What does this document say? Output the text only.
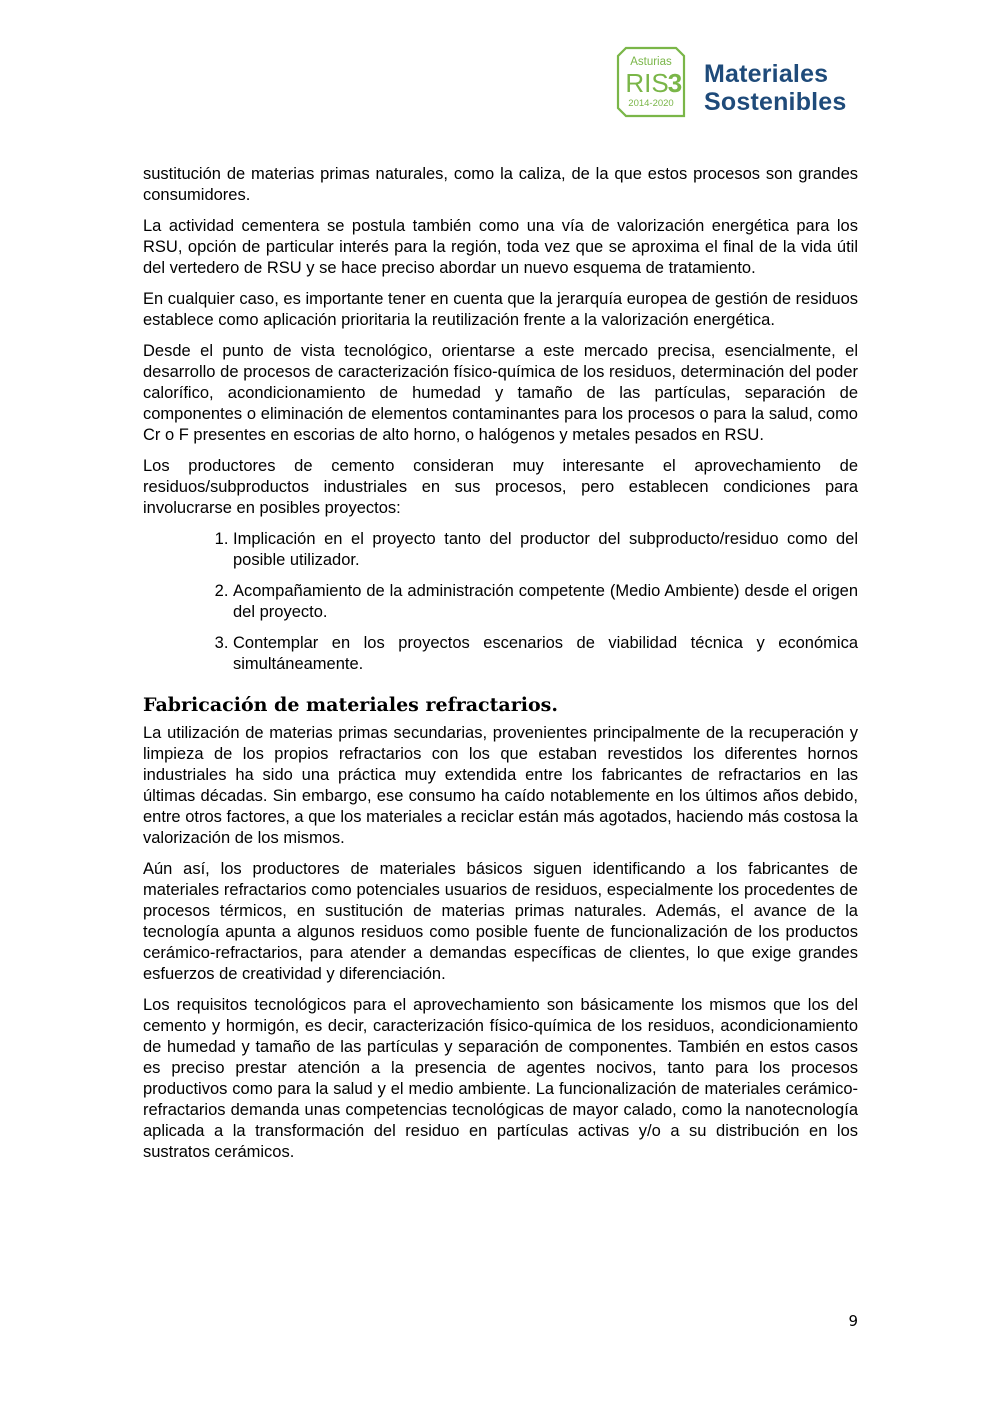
Asturias
RIS 3
2014-2020
Materiales
Sostenibles

sustitución de materias primas naturales, como la caliza, de la que estos procesos son grandes consumidores.

La actividad cementera se postula también como una vía de valorización energética para los RSU, opción de particular interés para la región, toda vez que se aproxima el final de la vida útil del vertedero de RSU y se hace preciso abordar un nuevo esquema de tratamiento.

En cualquier caso, es importante tener en cuenta que la jerarquía europea de gestión de residuos establece como aplicación prioritaria la reutilización frente a la valorización energética.

Desde el punto de vista tecnológico, orientarse a este mercado precisa, esencialmente, el desarrollo de procesos de caracterización físico-química de los residuos, determinación del poder calorífico, acondicionamiento de humedad y tamaño de las partículas, separación de componentes o eliminación de elementos contaminantes para los procesos o para la salud, como Cr o F presentes en escorias de alto horno, o halógenos y metales pesados en RSU.

Los productores de cemento consideran muy interesante el aprovechamiento de residuos/subproductos industriales en sus procesos, pero establecen condiciones para involucrarse en posibles proyectos:

1. Implicación en el proyecto tanto del productor del subproducto/residuo como del posible utilizador.
2. Acompañamiento de la administración competente (Medio Ambiente) desde el origen del proyecto.
3. Contemplar en los proyectos escenarios de viabilidad técnica y económica simultáneamente.
Fabricación de materiales refractarios.

La utilización de materias primas secundarias, provenientes principalmente de la recuperación y limpieza de los propios refractarios con los que estaban revestidos los diferentes hornos industriales ha sido una práctica muy extendida entre los fabricantes de refractarios en las últimas décadas. Sin embargo, ese consumo ha caído notablemente en los últimos años debido, entre otros factores, a que los materiales a reciclar están más agotados, haciendo más costosa la valorización de los mismos.

Aún así, los productores de materiales básicos siguen identificando a los fabricantes de materiales refractarios como potenciales usuarios de residuos, especialmente los procedentes de procesos térmicos, en sustitución de materias primas naturales. Además, el avance de la tecnología apunta a algunos residuos como posible fuente de funcionalización de los productos cerámico-refractarios, para atender a demandas específicas de clientes, lo que exige grandes esfuerzos de creatividad y diferenciación.

Los requisitos tecnológicos para el aprovechamiento son básicamente los mismos que los del cemento y hormigón, es decir, caracterización físico-química de los residuos, acondicionamiento de humedad y tamaño de las partículas y separación de componentes. También en estos casos es preciso prestar atención a la presencia de agentes nocivos, tanto para los procesos productivos como para la salud y el medio ambiente. La funcionalización de materiales cerámico-refractarios demanda unas competencias tecnológicas de mayor calado, como la nanotecnología aplicada a la transformación del residuo en partículas activas y/o a su distribución en los sustratos cerámicos.

9
